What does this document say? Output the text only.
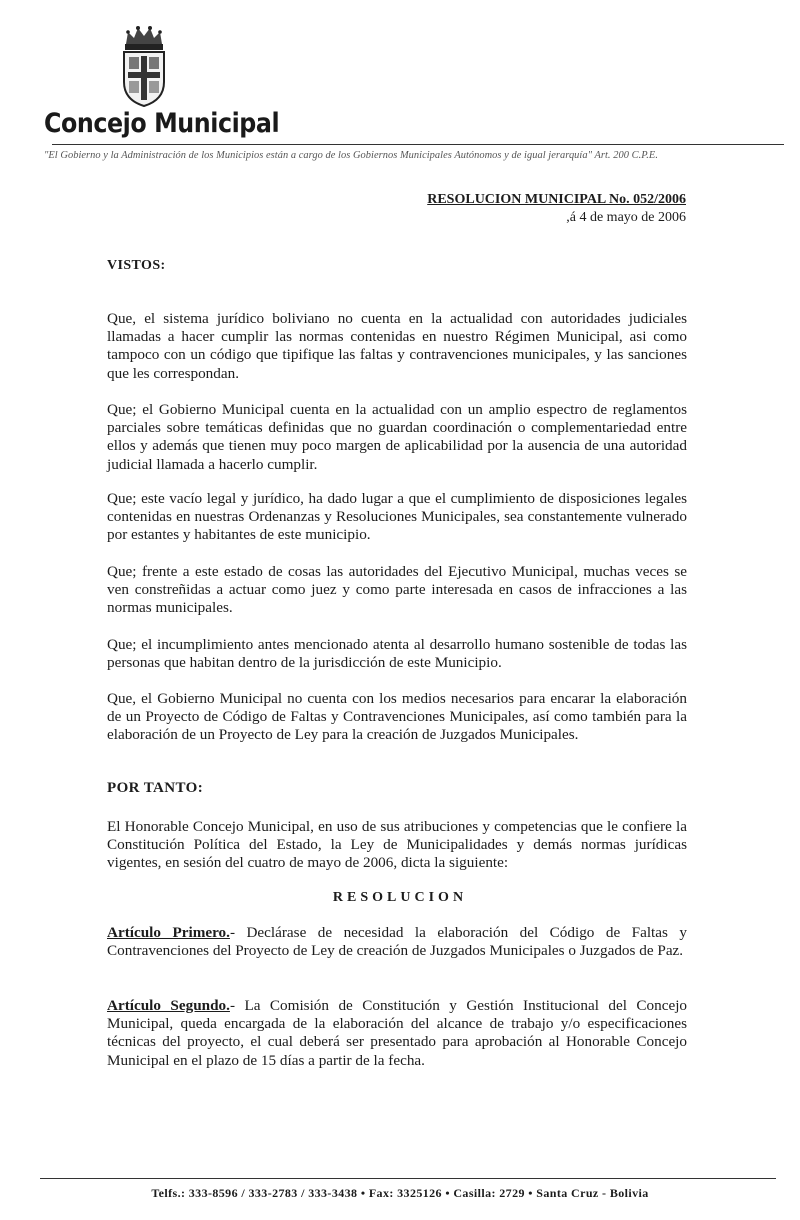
Concejo Municipal
"El Gobierno y la Administración de los Municipios están a cargo de los Gobiernos Municipales Autónomos y de igual jerarquía" Art. 200 C.P.E.
RESOLUCION MUNICIPAL No. 052/2006
,á 4 de mayo de 2006
VISTOS:

Que, el sistema jurídico boliviano no cuenta en la actualidad con autoridades judiciales llamadas a hacer cumplir las normas contenidas en nuestro Régimen Municipal, asi como tampoco con un código que tipifique las faltas y contravenciones municipales, y las sanciones que les correspondan.

Que; el Gobierno Municipal cuenta en la actualidad con un amplio espectro de reglamentos parciales sobre temáticas definidas que no guardan coordinación o complementariedad entre ellos y además que tienen muy poco margen de aplicabilidad por la ausencia de una autoridad judicial llamada a hacerlo cumplir.

Que; este vacío legal y jurídico, ha dado lugar a que el cumplimiento de disposiciones legales contenidas en nuestras Ordenanzas y Resoluciones Municipales, sea constantemente vulnerado por estantes y habitantes de este municipio.

Que; frente a este estado de cosas las autoridades del Ejecutivo Municipal, muchas veces se ven constreñidas a actuar como juez y como parte interesada en casos de infracciones a las normas municipales.

Que; el incumplimiento antes mencionado atenta al desarrollo humano sostenible de todas las personas que habitan dentro de la jurisdicción de este Municipio.

Que, el Gobierno Municipal no cuenta con los medios necesarios para encarar la elaboración de un Proyecto de Código de Faltas y Contravenciones Municipales, así como también para la elaboración de un Proyecto de Ley para la creación de Juzgados Municipales.

POR TANTO:

El Honorable Concejo Municipal, en uso de sus atribuciones y competencias que le confiere la Constitución Política del Estado, la Ley de Municipalidades y demás normas jurídicas vigentes, en sesión del cuatro de mayo de 2006, dicta la siguiente:

RESOLUCION

Artículo Primero.- Declárase de necesidad la elaboración del Código de Faltas y Contravenciones del Proyecto de Ley de creación de Juzgados Municipales o Juzgados de Paz.

Artículo Segundo.- La Comisión de Constitución y Gestión Institucional del Concejo Municipal, queda encargada de la elaboración del alcance de trabajo y/o especificaciones técnicas del proyecto, el cual deberá ser presentado para aprobación al Honorable Concejo Municipal en el plazo de 15 días a partir de la fecha.

Telfs.: 333-8596 / 333-2783 / 333-3438 • Fax: 3325126 • Casilla: 2729 • Santa Cruz - Bolivia
